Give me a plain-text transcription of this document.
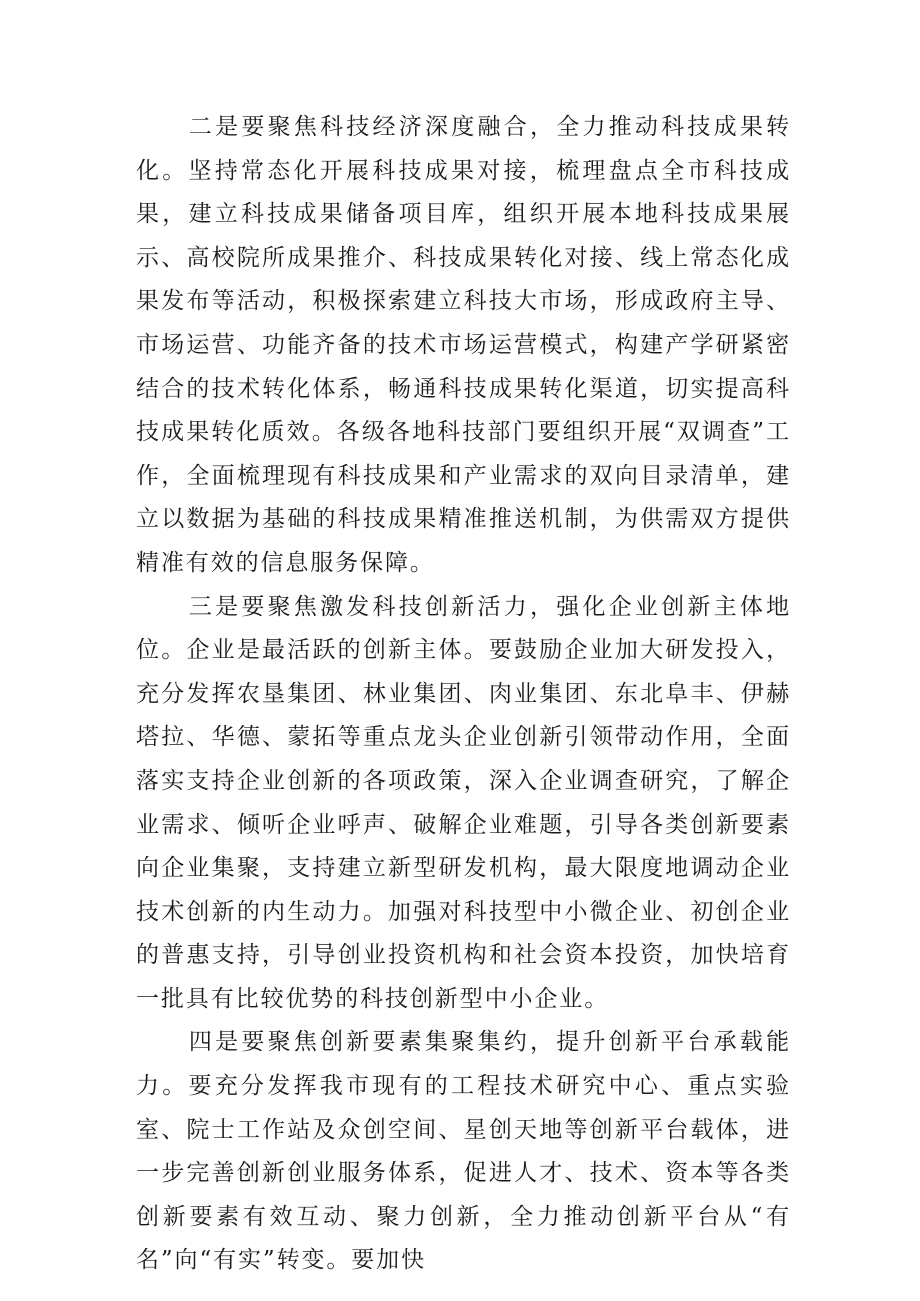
二是要聚焦科技经济深度融合，全力推动科技成果转化。坚持常态化开展科技成果对接，梳理盘点全市科技成果，建立科技成果储备项目库，组织开展本地科技成果展示、高校院所成果推介、科技成果转化对接、线上常态化成果发布等活动，积极探索建立科技大市场，形成政府主导、市场运营、功能齐备的技术市场运营模式，构建产学研紧密结合的技术转化体系，畅通科技成果转化渠道，切实提高科技成果转化质效。各级各地科技部门要组织开展“双调查”工作，全面梳理现有科技成果和产业需求的双向目录清单，建立以数据为基础的科技成果精准推送机制，为供需双方提供精准有效的信息服务保障。

三是要聚焦激发科技创新活力，强化企业创新主体地位。企业是最活跃的创新主体。要鼓励企业加大研发投入，充分发挥农垦集团、林业集团、肉业集团、东北阜丰、伊赫塔拉、华德、蒙拓等重点龙头企业创新引领带动作用，全面落实支持企业创新的各项政策，深入企业调查研究，了解企业需求、倾听企业呼声、破解企业难题，引导各类创新要素向企业集聚，支持建立新型研发机构，最大限度地调动企业技术创新的内生动力。加强对科技型中小微企业、初创企业的普惠支持，引导创业投资机构和社会资本投资，加快培育一批具有比较优势的科技创新型中小企业。

四是要聚焦创新要素集聚集约，提升创新平台承载能力。要充分发挥我市现有的工程技术研究中心、重点实验室、院士工作站及众创空间、星创天地等创新平台载体，进一步完善创新创业服务体系，促进人才、技术、资本等各类创新要素有效互动、聚力创新，全力推动创新平台从“有名”向“有实”转变。要加快
